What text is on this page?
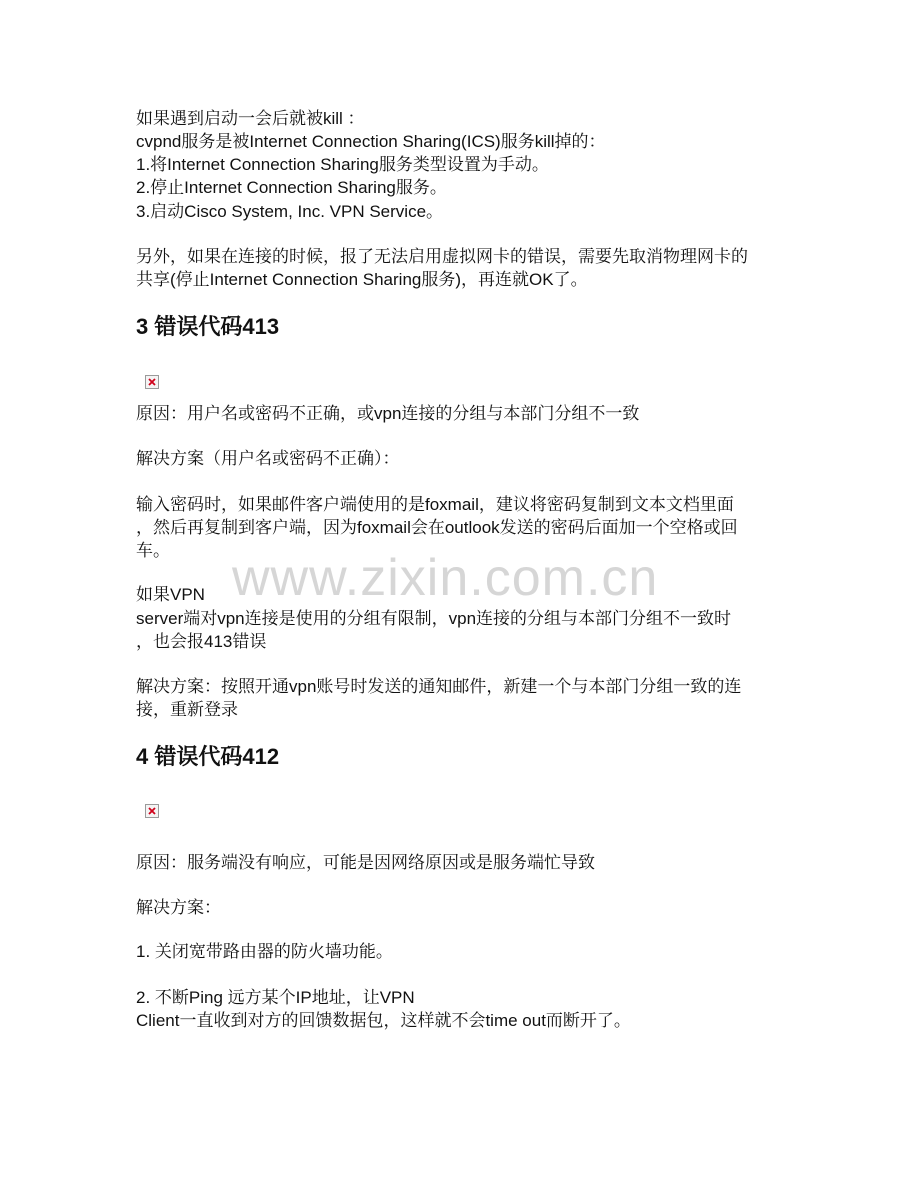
如果遇到启动一会后就被kill ：

cvpnd服务是被Internet Connection Sharing(ICS)服务kill掉的：

1.将Internet Connection Sharing服务类型设置为手动。

2.停止Internet Connection Sharing服务。

3.启动Cisco System, Inc. VPN Service。

另外，如果在连接的时候，报了无法启用虚拟网卡的错误，需要先取消物理网卡的

共享(停止Internet Connection Sharing服务)，再连就OK了。

3 错误代码413

原因：用户名或密码不正确，或vpn连接的分组与本部门分组不一致

解决方案（用户名或密码不正确）：

输入密码时，如果邮件客户端使用的是foxmail，建议将密码复制到文本文档里面

，然后再复制到客户端，因为foxmail会在outlook发送的密码后面加一个空格或回

车。

如果VPN

server端对vpn连接是使用的分组有限制，vpn连接的分组与本部门分组不一致时

，也会报413错误

解决方案：按照开通vpn账号时发送的通知邮件，新建一个与本部门分组一致的连

接，重新登录

4 错误代码412

原因：服务端没有响应，可能是因网络原因或是服务端忙导致

解决方案：

1. 关闭宽带路由器的防火墙功能。

2. 不断Ping 远方某个IP地址，让VPN

Client一直收到对方的回馈数据包，这样就不会time out而断开了。

www.zixin.com.cn
